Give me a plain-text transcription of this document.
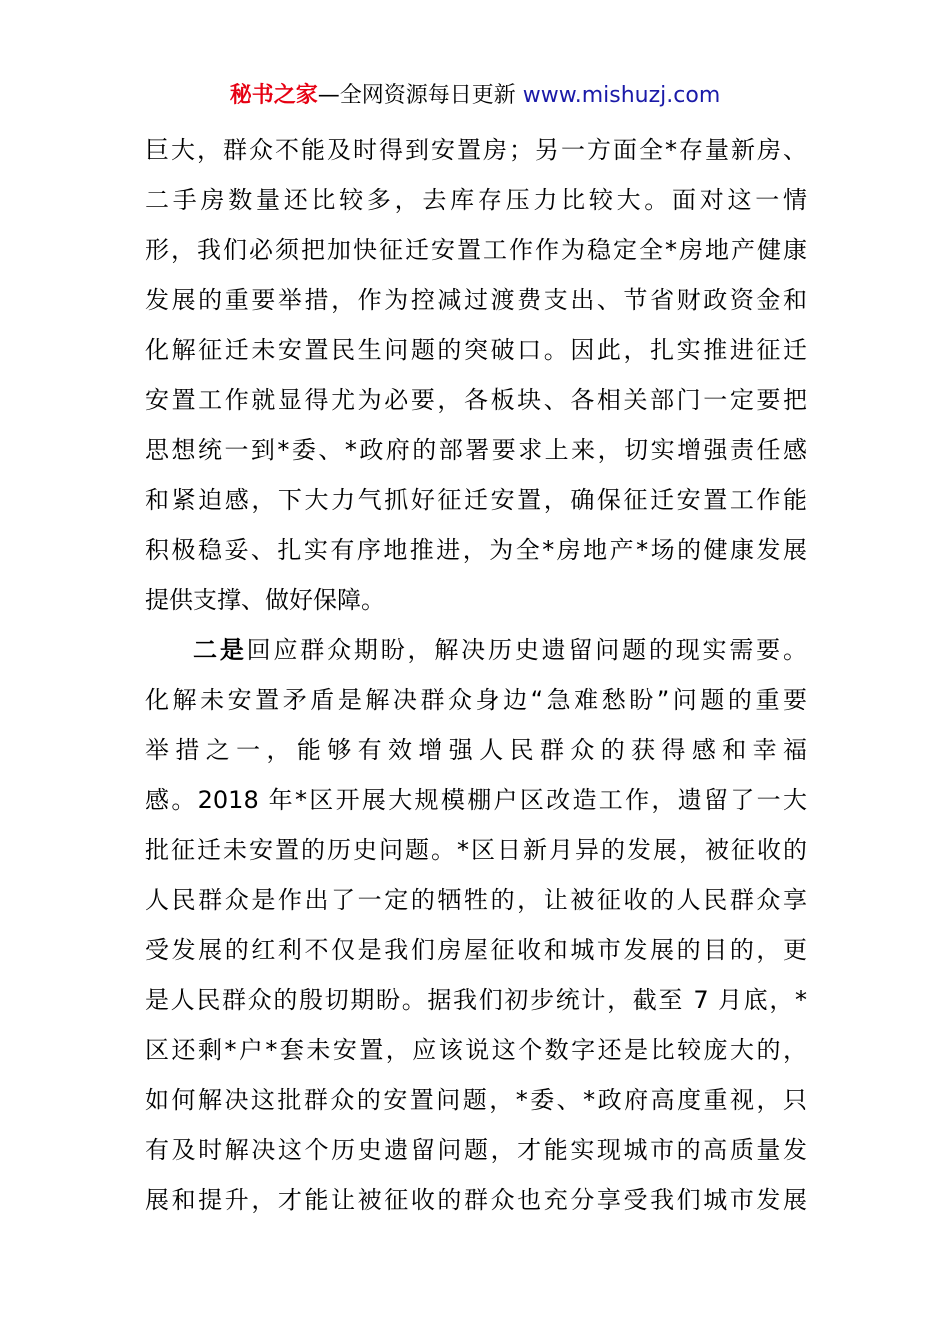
秘书之家—全网资源每日更新 www.mishuzj.com
巨大，群众不能及时得到安置房；另一方面全*存量新房、
二手房数量还比较多，去库存压力比较大。面对这一情
形，我们必须把加快征迁安置工作作为稳定全*房地产健康
发展的重要举措，作为控减过渡费支出、节省财政资金和
化解征迁未安置民生问题的突破口。因此，扎实推进征迁
安置工作就显得尤为必要，各板块、各相关部门一定要把
思想统一到*委、*政府的部署要求上来，切实增强责任感
和紧迫感，下大力气抓好征迁安置，确保征迁安置工作能
积极稳妥、扎实有序地推进，为全*房地产*场的健康发展
提供支撑、做好保障。
二是回应群众期盼，解决历史遗留问题的现实需要。
化解未安置矛盾是解决群众身边“急难愁盼”问题的重要
举措之一，能够有效增强人民群众的获得感和幸福
感。2018 年*区开展大规模棚户区改造工作，遗留了一大
批征迁未安置的历史问题。*区日新月异的发展，被征收的
人民群众是作出了一定的牺牲的，让被征收的人民群众享
受发展的红利不仅是我们房屋征收和城市发展的目的，更
是人民群众的殷切期盼。据我们初步统计，截至 7 月底，*
区还剩*户*套未安置，应该说这个数字还是比较庞大的，
如何解决这批群众的安置问题，*委、*政府高度重视，只
有及时解决这个历史遗留问题，才能实现城市的高质量发
展和提升，才能让被征收的群众也充分享受我们城市发展
